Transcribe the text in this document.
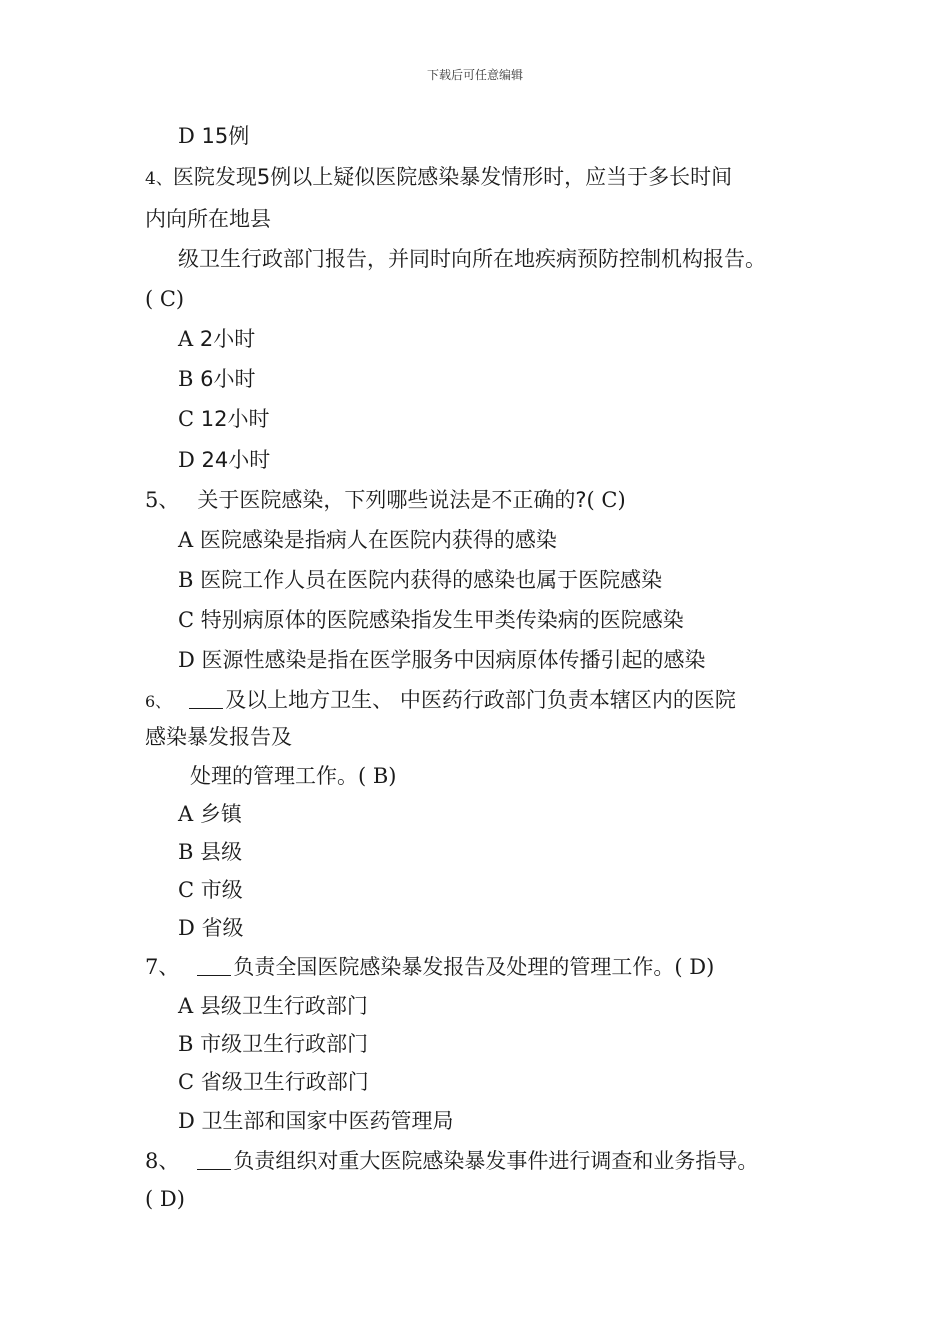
下载后可任意编辑
D 15例
4、医院发现5例以上疑似医院感染暴发情形时，应当于多长时间
内向所在地县
级卫生行政部门报告，并同时向所在地疾病预防控制机构报告。
( C)
A 2小时
B 6小时
C 12小时
D 24小时
5、 关于医院感染，下列哪些说法是不正确的?( C)
A 医院感染是指病人在医院内获得的感染
B 医院工作人员在医院内获得的感染也属于医院感染
C 特别病原体的医院感染指发生甲类传染病的医院感染
D 医源性感染是指在医学服务中因病原体传播引起的感染
6、	及以上地方卫生、 中医药行政部门负责本辖区内的医院
感染暴发报告及
处理的管理工作。( B)
A 乡镇
B 县级
C 市级
D 省级
7、	负责全国医院感染暴发报告及处理的管理工作。( D)
A 县级卫生行政部门
B 市级卫生行政部门
C 省级卫生行政部门
D 卫生部和国家中医药管理局
8、	负责组织对重大医院感染暴发事件进行调查和业务指导。
( D)
